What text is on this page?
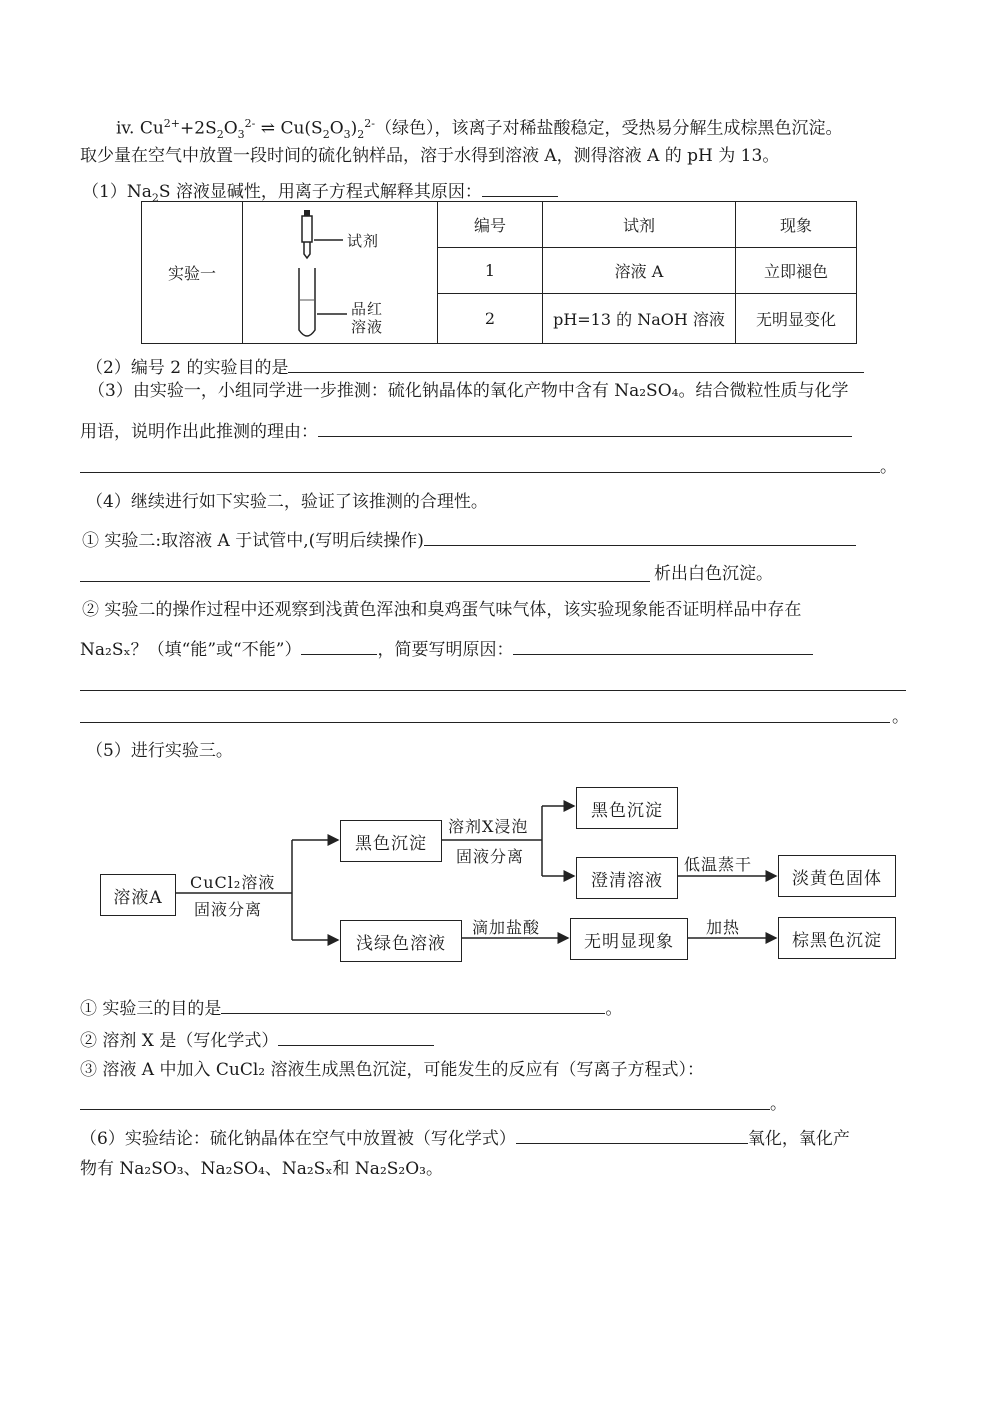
iv. $Cu^{2+}+2S_2O_3^{2-}$ ⇌ $Cu(S_2O_3)_2^{2-}$（绿色），该离子对稀盐酸稳定，受热易分解生成棕黑色沉淀。
取少量在空气中放置一段时间的硫化钠样品，溶于水得到溶液 A，测得溶液 A 的 pH 为 13。
$(1)Na_2S$ 溶液显碱性，用离子方程式解释其原因：
实验一	试剂
品红
溶液	编号	试剂	现象
		1	溶液 A	立即褪色
		2	pH=13 的 NaOH 溶液	无明显变化
（2）编号 2 的实验目的是
（3）由实验一，小组同学进一步推测：硫化钠晶体的氧化产物中含有 Na₂SO₄。结合微粒性质与化学
用语，说明作出此推测的理由：
。
（4）继续进行如下实验二，验证了该推测的合理性。
① 实验二:取溶液 A 于试管中,(写明后续操作)
析出白色沉淀。
② 实验二的操作过程中还观察到浅黄色浑浊和臭鸡蛋气味气体，该实验现象能否证明样品中存在
Na₂Sₓ？（填“能”或“不能”）	，简要写明原因：
。
（5）进行实验三。
溶液A
CuCl₂溶液
固液分离
黑色沉淀
溶剂X浸泡
固液分离
黑色沉淀
澄清溶液
低温蒸干
淡黄色固体
浅绿色溶液
滴加盐酸
无明显现象
加热
棕黑色沉淀
① 实验三的目的是	。
② 溶剂 X 是（写化学式）
③ 溶液 A 中加入 CuCl₂ 溶液生成黑色沉淀，可能发生的反应有（写离子方程式）：
。
（6）实验结论：硫化钠晶体在空气中放置被（写化学式）	氧化，氧化产
物有 Na₂SO₃、Na₂SO₄、Na₂Sₓ和 Na₂S₂O₃。
